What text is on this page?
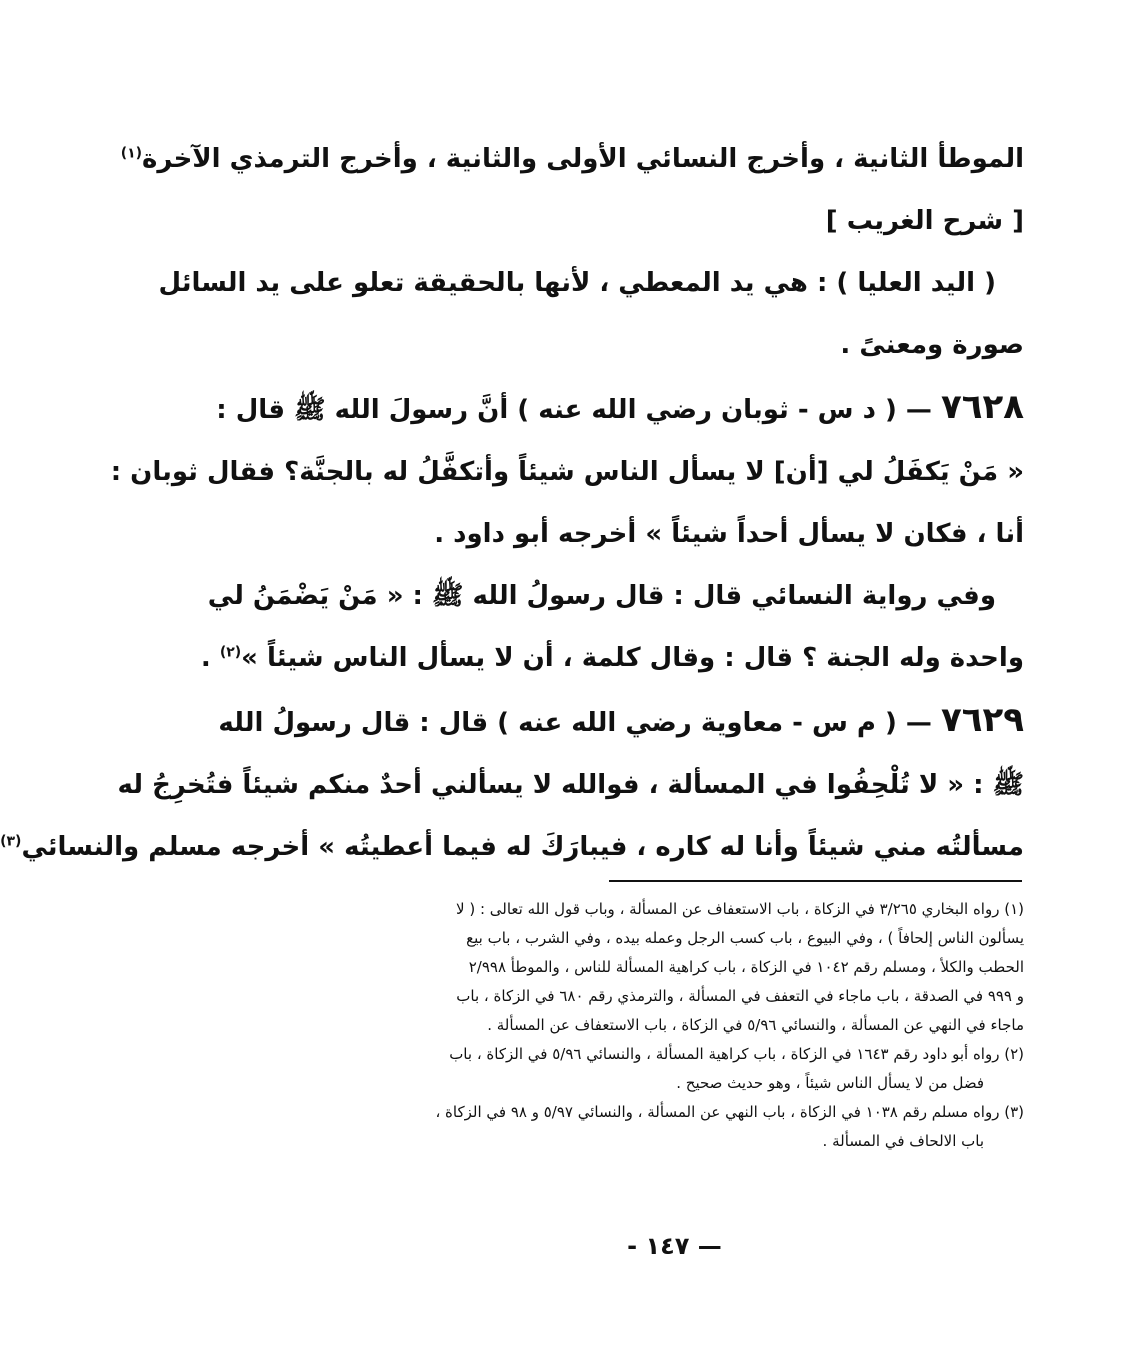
الموطأ الثانية ، وأخرج النسائي الأولى والثانية ، وأخرج الترمذي الآخرة$^{(١)}$
[ شرح الغريب ]
( اليد العليا ) : هي يد المعطي ، لأنها بالحقيقة تعلو على يد السائل
صورة ومعنىً .
٧٦٢٨ — ( د س - ثوبان رضي الله عنه ) أنَّ رسولَ الله ﷺ قال :
« مَنْ يَكفَلُ لي [أن] لا يسأل الناس شيئاً وأتكفَّلُ له بالجنَّة؟ فقال ثوبان :
أنا ، فكان لا يسأل أحداً شيئاً » أخرجه أبو داود .
وفي رواية النسائي قال : قال رسولُ الله ﷺ : « مَنْ يَضْمَنُ لي
واحدة وله الجنة ؟ قال : وقال كلمة ، أن لا يسأل الناس شيئاً »$^{(٢)}$ .
٧٦٢٩ — ( م س - معاوية رضي الله عنه ) قال : قال رسولُ الله
ﷺ : « لا تُلْحِفُوا في المسألة ، فوالله لا يسألني أحدٌ منكم شيئاً فتُخرِجُ له
مسألتُه مني شيئاً وأنا له كاره ، فيبارَكَ له فيما أعطيتُه » أخرجه مسلم والنسائي$^{(٣)}$
(١) رواه البخاري ٣/٢٦٥ في الزكاة ، باب الاستعفاف عن المسألة ، وباب قول الله تعالى : ( لا
يسألون الناس إلحافاً ) ، وفي البيوع ، باب كسب الرجل وعمله بيده ، وفي الشرب ، باب بيع
الحطب والكلأ ، ومسلم رقم ١٠٤٢ في الزكاة ، باب كراهية المسألة للناس ، والموطأ ٢/٩٩٨
و ٩٩٩ في الصدقة ، باب ماجاء في التعفف في المسألة ، والترمذي رقم ٦٨٠ في الزكاة ، باب
ماجاء في النهي عن المسألة ، والنسائي ٥/٩٦ في الزكاة ، باب الاستعفاف عن المسألة .
(٢) رواه أبو داود رقم ١٦٤٣ في الزكاة ، باب كراهية المسألة ، والنسائي ٥/٩٦ في الزكاة ، باب
فضل من لا يسأل الناس شيئاً ، وهو حديث صحيح .
(٣) رواه مسلم رقم ١٠٣٨ في الزكاة ، باب النهي عن المسألة ، والنسائي ٥/٩٧ و ٩٨ في الزكاة ،
باب الالحاف في المسألة .
— ١٤٧ -
